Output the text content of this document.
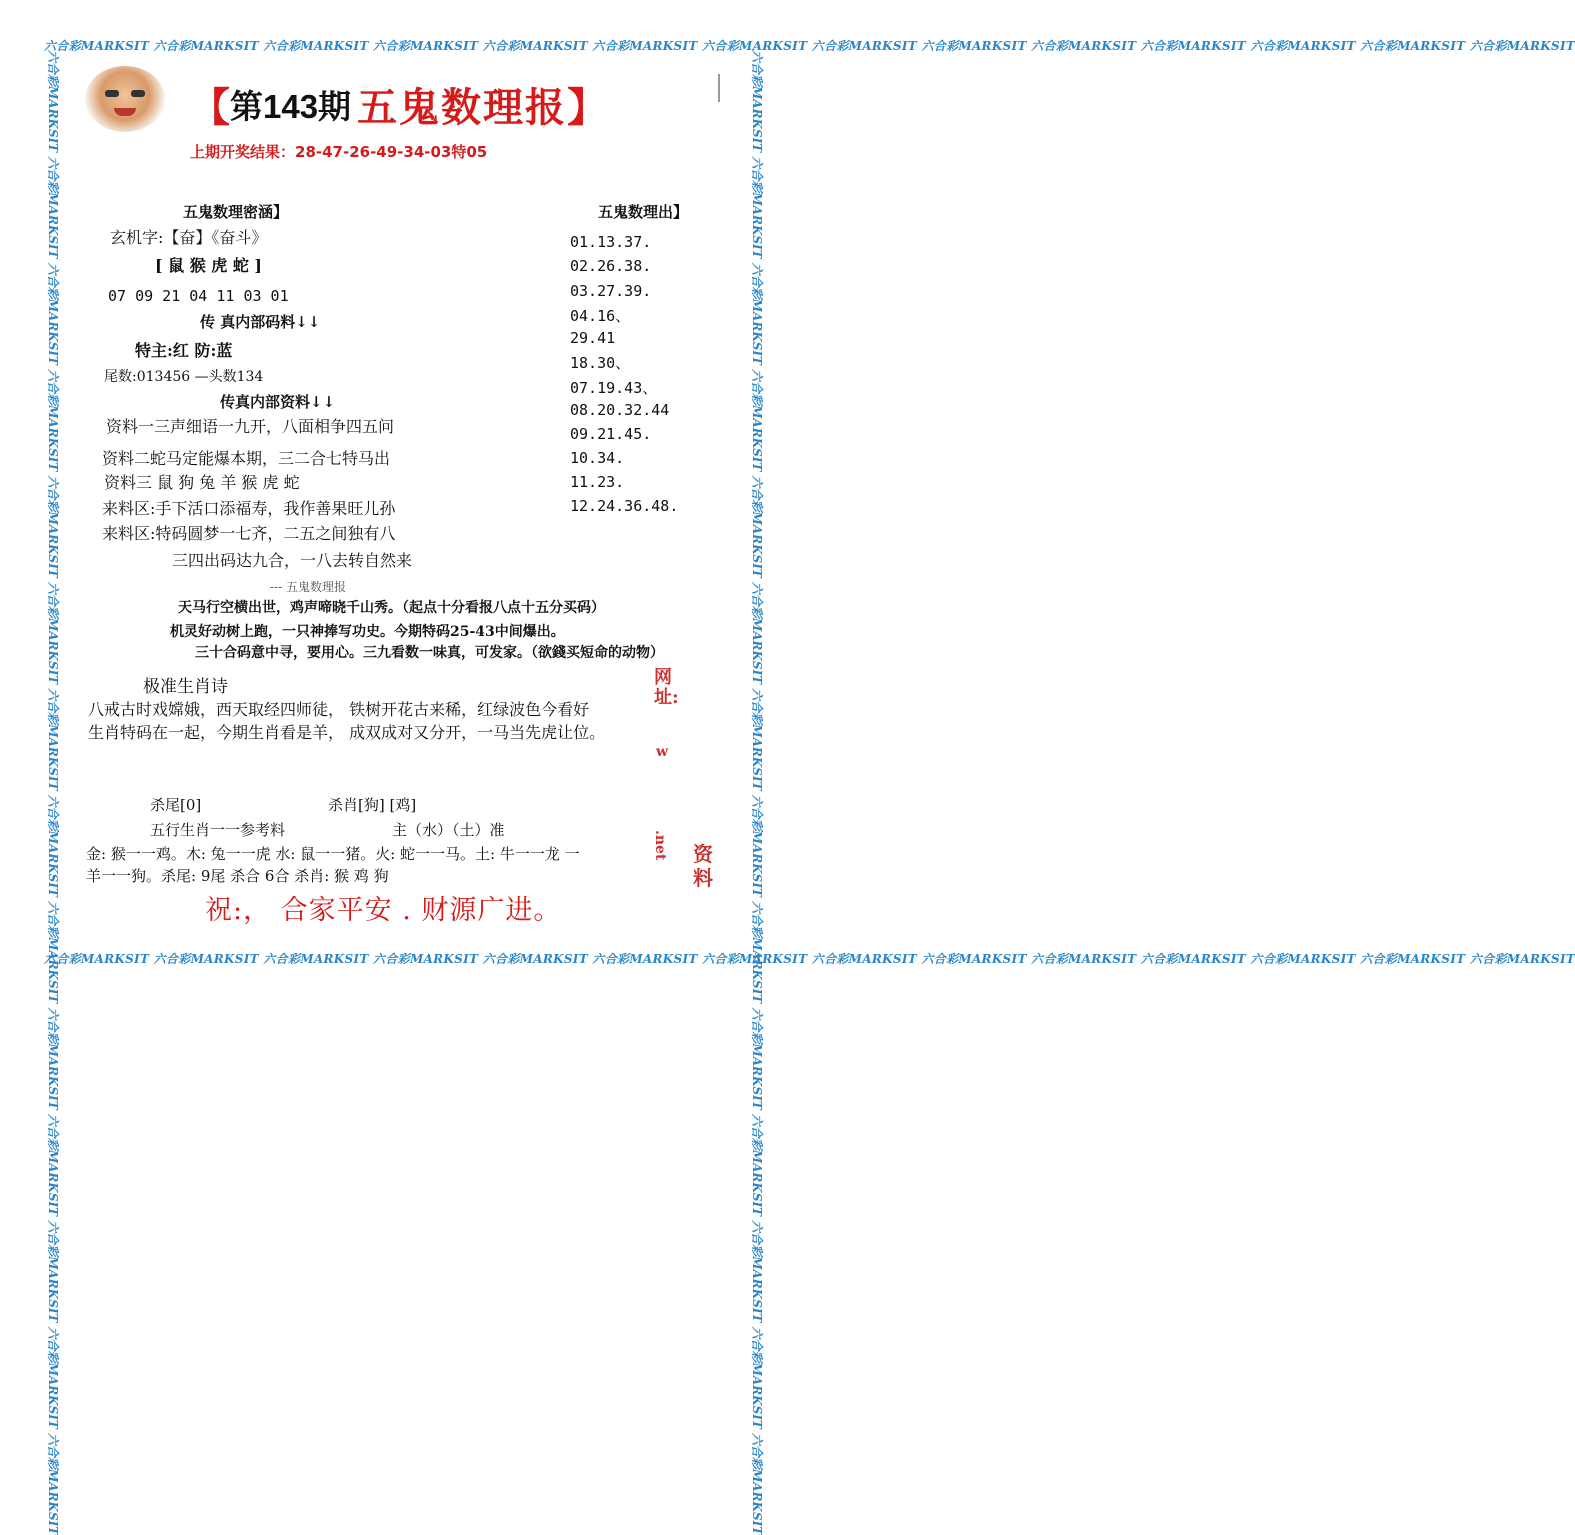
六合彩MARKSIT 六合彩MARKSIT 六合彩MARKSIT 六合彩MARKSIT 六合彩MARKSIT 六合彩MARKSIT 六合彩MARKSIT 六合彩MARKSIT 六合彩MARKSIT 六合彩MARKSIT 六合彩MARKSIT 六合彩MARKSIT 六合彩MARKSIT 六合彩MARKSIT
六合彩MARKSIT 六合彩MARKSIT 六合彩MARKSIT 六合彩MARKSIT 六合彩MARKSIT 六合彩MARKSIT 六合彩MARKSIT 六合彩MARKSIT 六合彩MARKSIT 六合彩MARKSIT 六合彩MARKSIT 六合彩MARKSIT 六合彩MARKSIT 六合彩MARKSIT
六合彩MARKSIT 六合彩MARKSIT 六合彩MARKSIT 六合彩MARKSIT 六合彩MARKSIT 六合彩MARKSIT 六合彩MARKSIT 六合彩MARKSIT 六合彩MARKSIT 六合彩MARKSIT 六合彩MARKSIT 六合彩MARKSIT 六合彩MARKSIT 六合彩MARKSIT	六合彩MARKSIT 六合彩MARKSIT 六合彩MARKSIT 六合彩MARKSIT 六合彩MARKSIT 六合彩MARKSIT 六合彩MARKSIT 六合彩MARKSIT 六合彩MARKSIT 六合彩MARKSIT 六合彩MARKSIT 六合彩MARKSIT 六合彩MARKSIT 六合彩MARKSIT
【第143期 五鬼数理报】
上期开奖结果：28-47-26-49-34-03特05
五鬼数理密涵】
玄机字:【奋】《奋斗》
[ 鼠 猴 虎 蛇 ]
07 09 21 04 11 03 01
传 真内部码料↓↓
特主:红 防:蓝
尾数:013456 —头数134
传真内部资料↓↓
资料一三声细语一九开，八面相争四五问
资料二蛇马定能爆本期，三二合七特马出
资料三 鼠 狗 兔 羊 猴 虎 蛇
来料区:手下活口添福寿，我作善果旺儿孙
来料区:特码圆梦一七齐，二五之间独有八
三四出码达九合，一八去转自然来
五鬼数理出】
01.13.37.
02.26.38.
03.27.39.
04.16、
29.41
18.30、
07.19.43、
08.20.32.44
09.21.45.
10.34.
11.23.
12.24.36.48.
--- 五鬼数理报
天马行空横出世，鸡声啼晓千山秀。（起点十分看报八点十五分买码）
机灵好动树上跑，一只神捧写功史。今期特码25-43中间爆出。
三十合码意中寻，要用心。三九看数一味真，可发家。（欲錢买短命的动物）
极准生肖诗
八戒古时戏嫦娥，西天取经四师徒， 铁树开花古来稀，红绿波色今看好
生肖特码在一起，今期生肖看是羊， 成双成对又分开，一马当先虎让位。
杀尾[0]	杀肖[狗] [鸡]
五行生肖一一参考料	主（水）（土）准
金: 猴一一鸡。木: 兔一一虎 水: 鼠一一猪。火: 蛇一一马。土: 牛一一龙 一
羊一一狗。杀尾: 9尾 杀合 6合 杀肖: 猴 鸡 狗
祝:， 合家平安 . 财源广进。
网址:
w
.net 资料
